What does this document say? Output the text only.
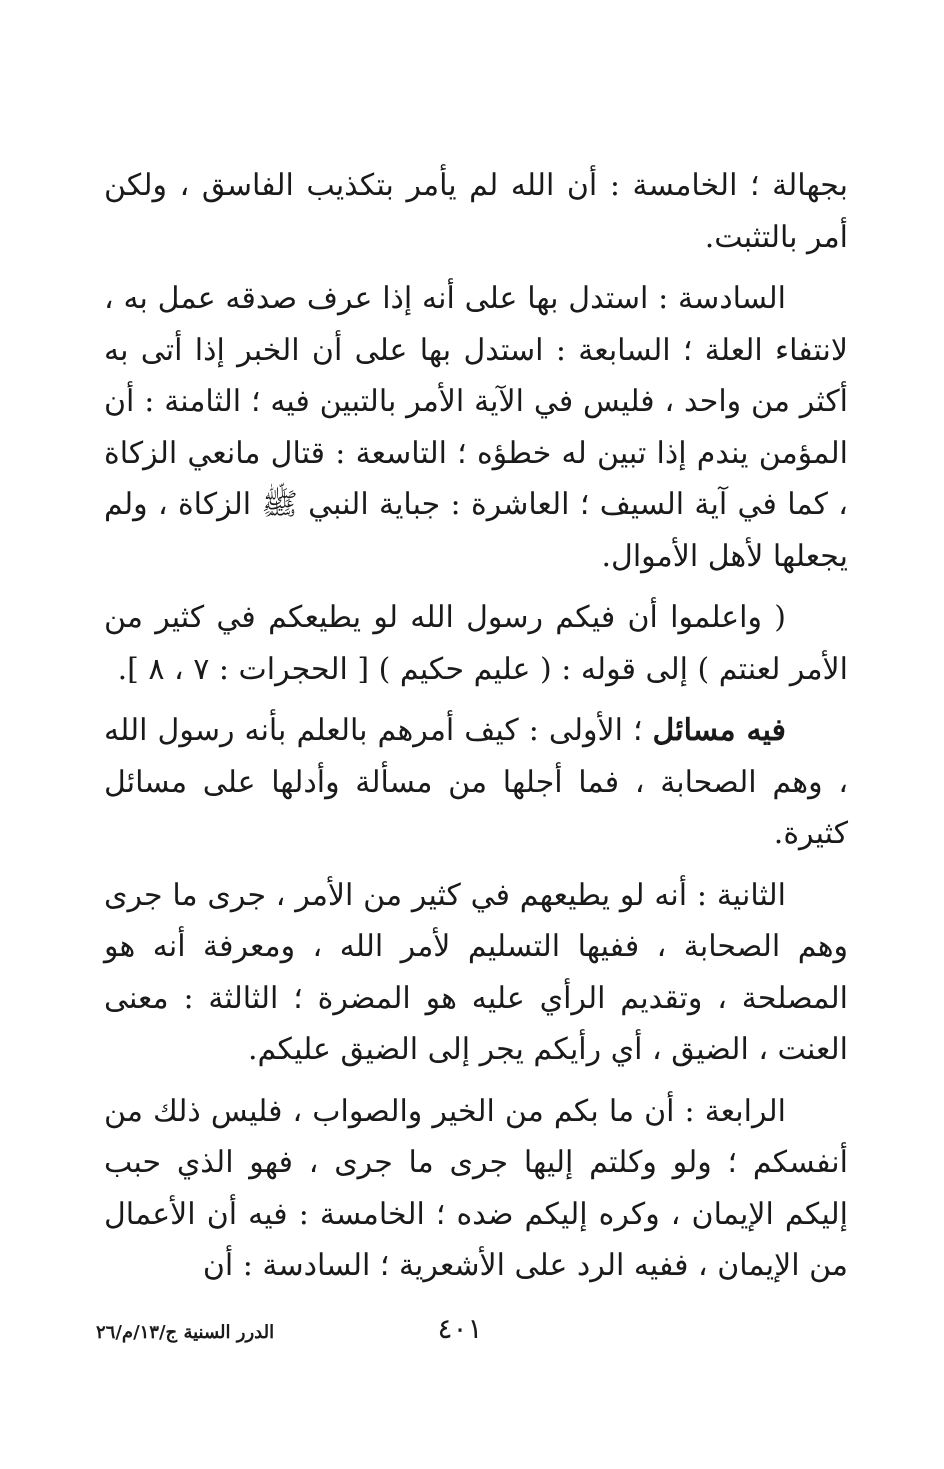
بجهالة ؛ الخامسة : أن الله لم يأمر بتكذيب الفاسق ، ولكن أمر بالتثبت.

السادسة : استدل بها على أنه إذا عرف صدقه عمل به ، لانتفاء العلة ؛ السابعة : استدل بها على أن الخبر إذا أتى به أكثر من واحد ، فليس في الآية الأمر بالتبين فيه ؛ الثامنة : أن المؤمن يندم إذا تبين له خطؤه ؛ التاسعة : قتال مانعي الزكاة ، كما في آية السيف ؛ العاشرة : جباية النبي ﷺ الزكاة ، ولم يجعلها لأهل الأموال.

( واعلموا أن فيكم رسول الله لو يطيعكم في كثير من الأمر لعنتم ) إلى قوله : ( عليم حكيم ) [ الحجرات : ٧ ، ٨ ].

فيه مسائل ؛ الأولى : كيف أمرهم بالعلم بأنه رسول الله ، وهم الصحابة ، فما أجلها من مسألة وأدلها على مسائل كثيرة.

الثانية : أنه لو يطيعهم في كثير من الأمر ، جرى ما جرى وهم الصحابة ، ففيها التسليم لأمر الله ، ومعرفة أنه هو المصلحة ، وتقديم الرأي عليه هو المضرة ؛ الثالثة : معنى العنت ، الضيق ، أي رأيكم يجر إلى الضيق عليكم.

الرابعة : أن ما بكم من الخير والصواب ، فليس ذلك من أنفسكم ؛ ولو وكلتم إليها جرى ما جرى ، فهو الذي حبب إليكم الإيمان ، وكره إليكم ضده ؛ الخامسة : فيه أن الأعمال من الإيمان ، ففيه الرد على الأشعرية ؛ السادسة : أن

٤٠١
الدرر السنية ج/١٣/م/٢٦
